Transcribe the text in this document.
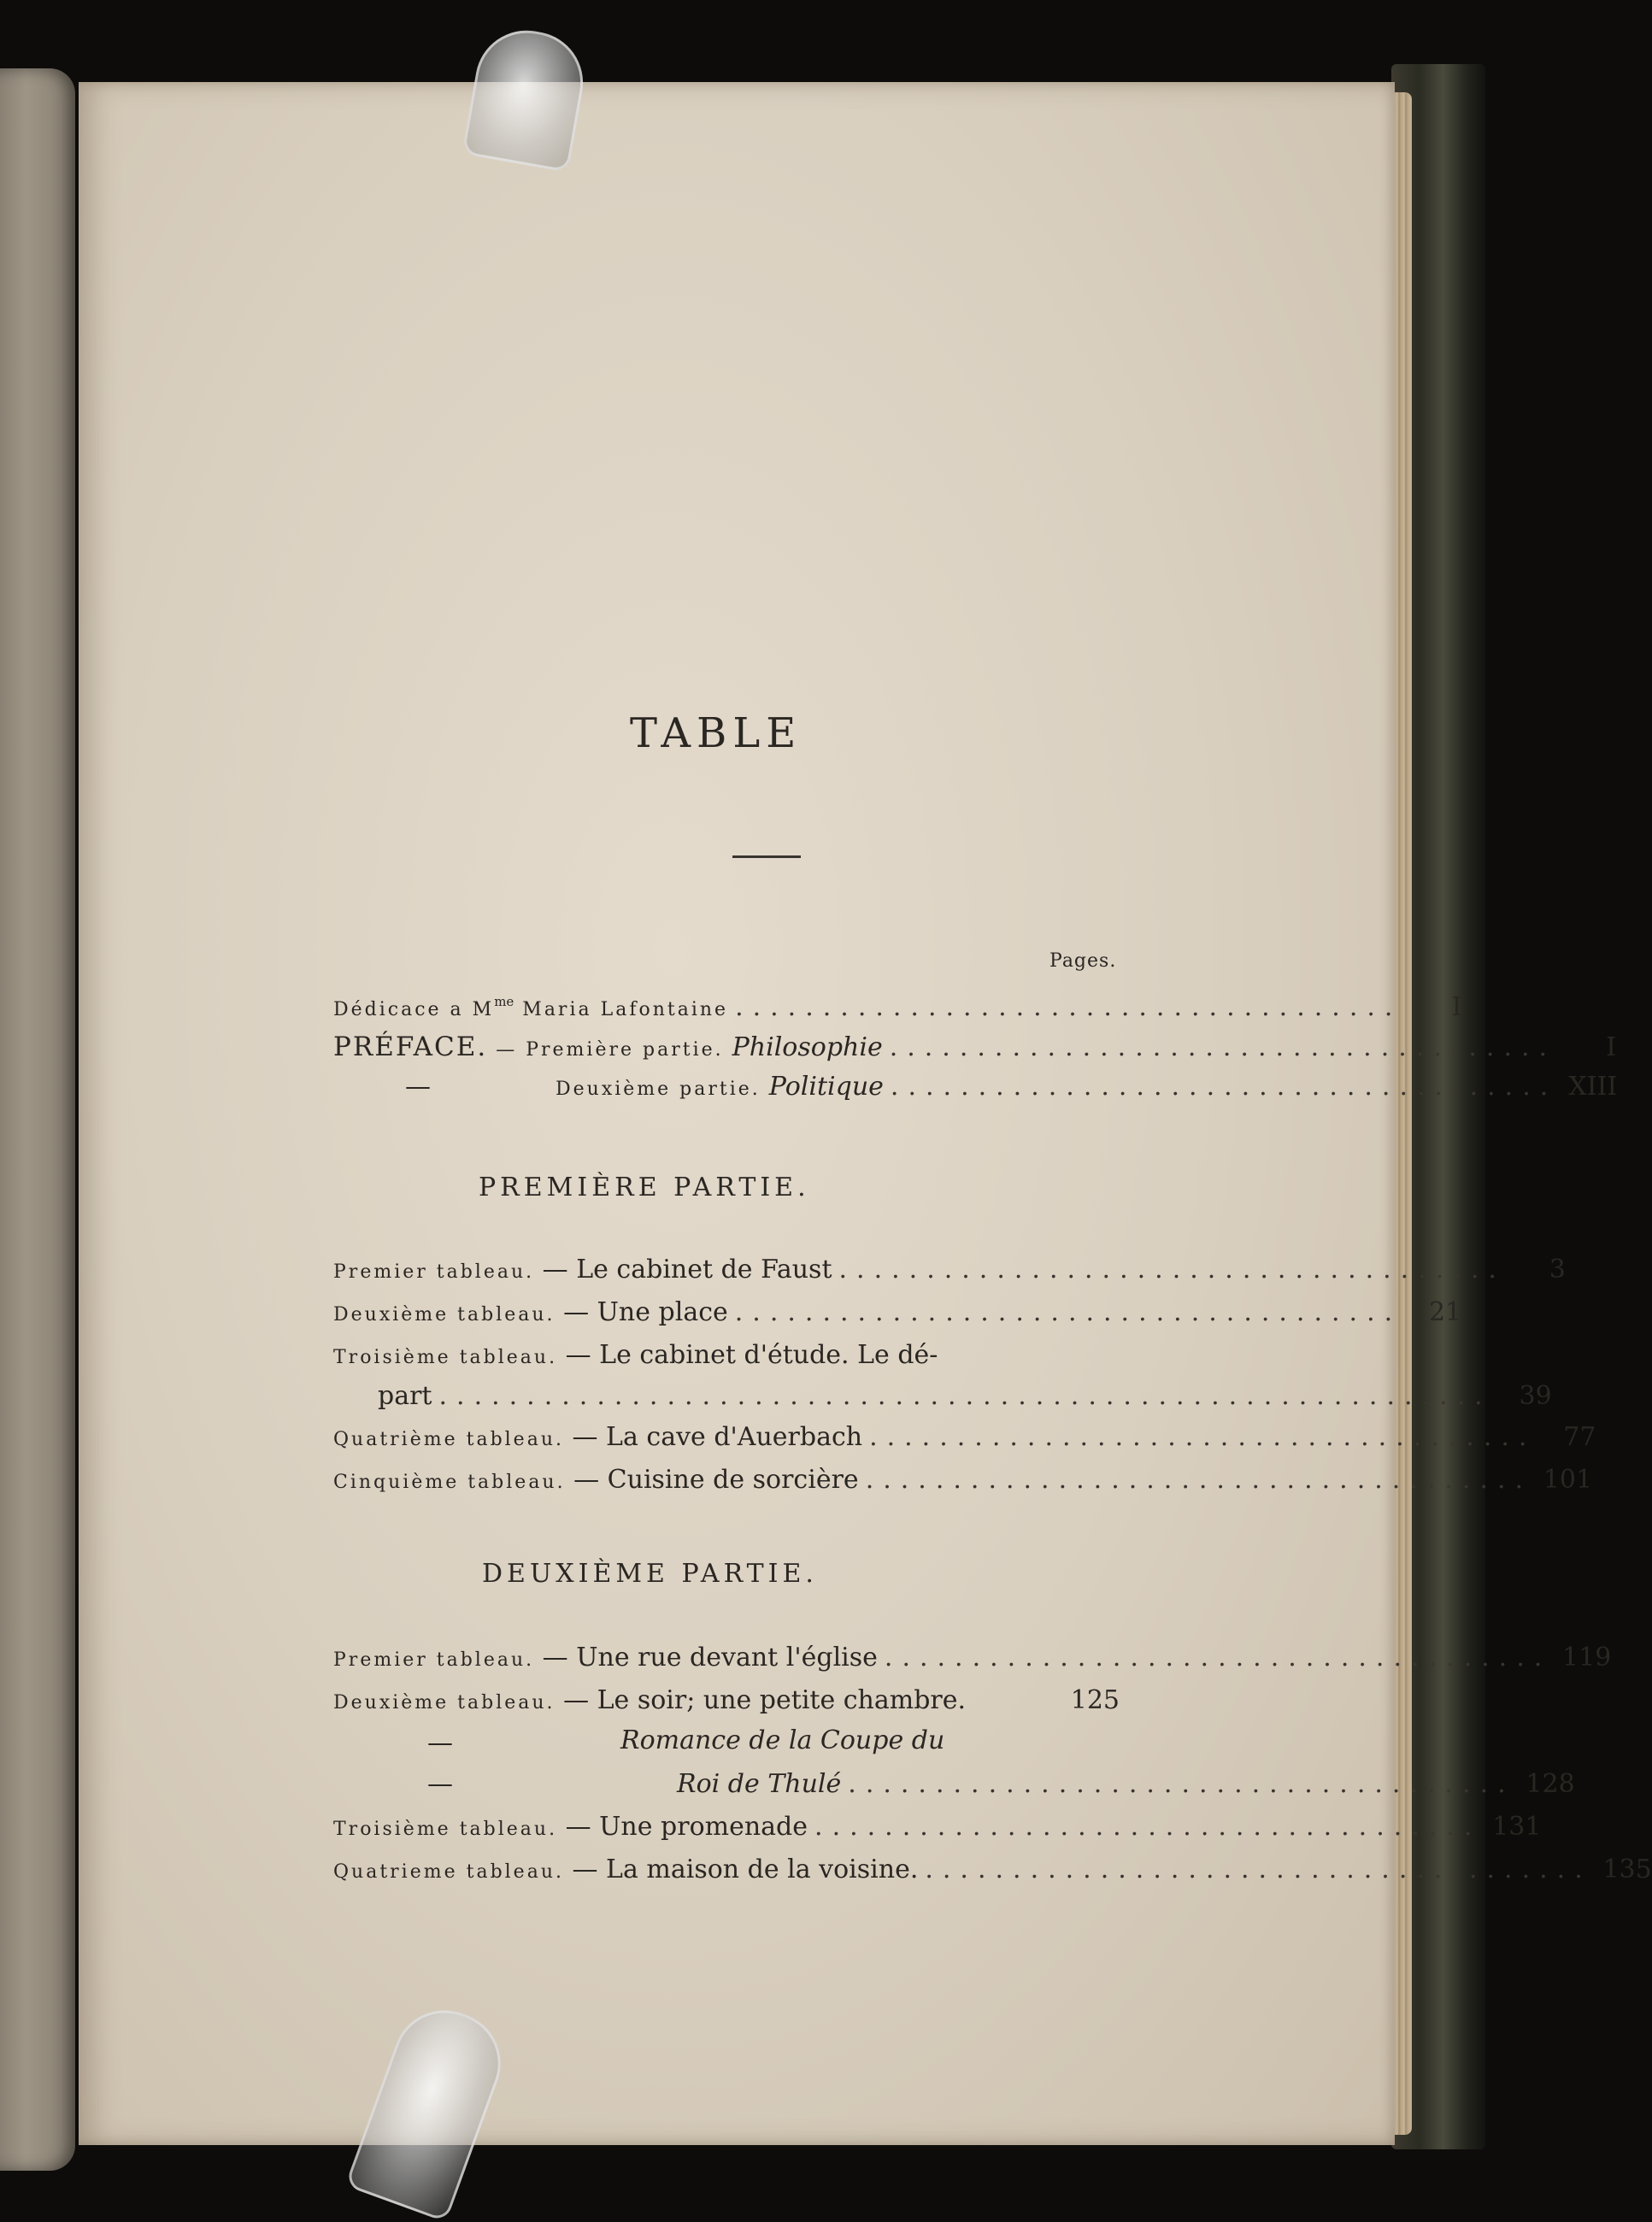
TABLE
Pages.
Dédicace a $M^{me}$ Maria Lafontaine ......................................	I
PRÉFACE. — Première partie. Philosophie ......................................	I
—	Deuxième partie. Politique ...................................... XIII
PREMIÈRE PARTIE.
Premier tableau. — Le cabinet de Faust ......................................	3
Deuxième tableau. — Une place ......................................	21
Troisième tableau. — Le cabinet d'étude. Le dé-
part ............................................................	39
Quatrième tableau. — La cave d'Auerbach ......................................	77
Cinquième tableau. — Cuisine de sorcière ...................................... 101
DEUXIÈME PARTIE.
Premier tableau. — Une rue devant l'église ...................................... 119
Deuxième tableau. — Le soir; une petite chambre.	125
—	Romance de la Coupe du
—	Roi de Thulé ...................................... 128
Troisième tableau. — Une promenade ...................................... 131
Quatrieme tableau. — La maison de la voisine. ...................................... 135
